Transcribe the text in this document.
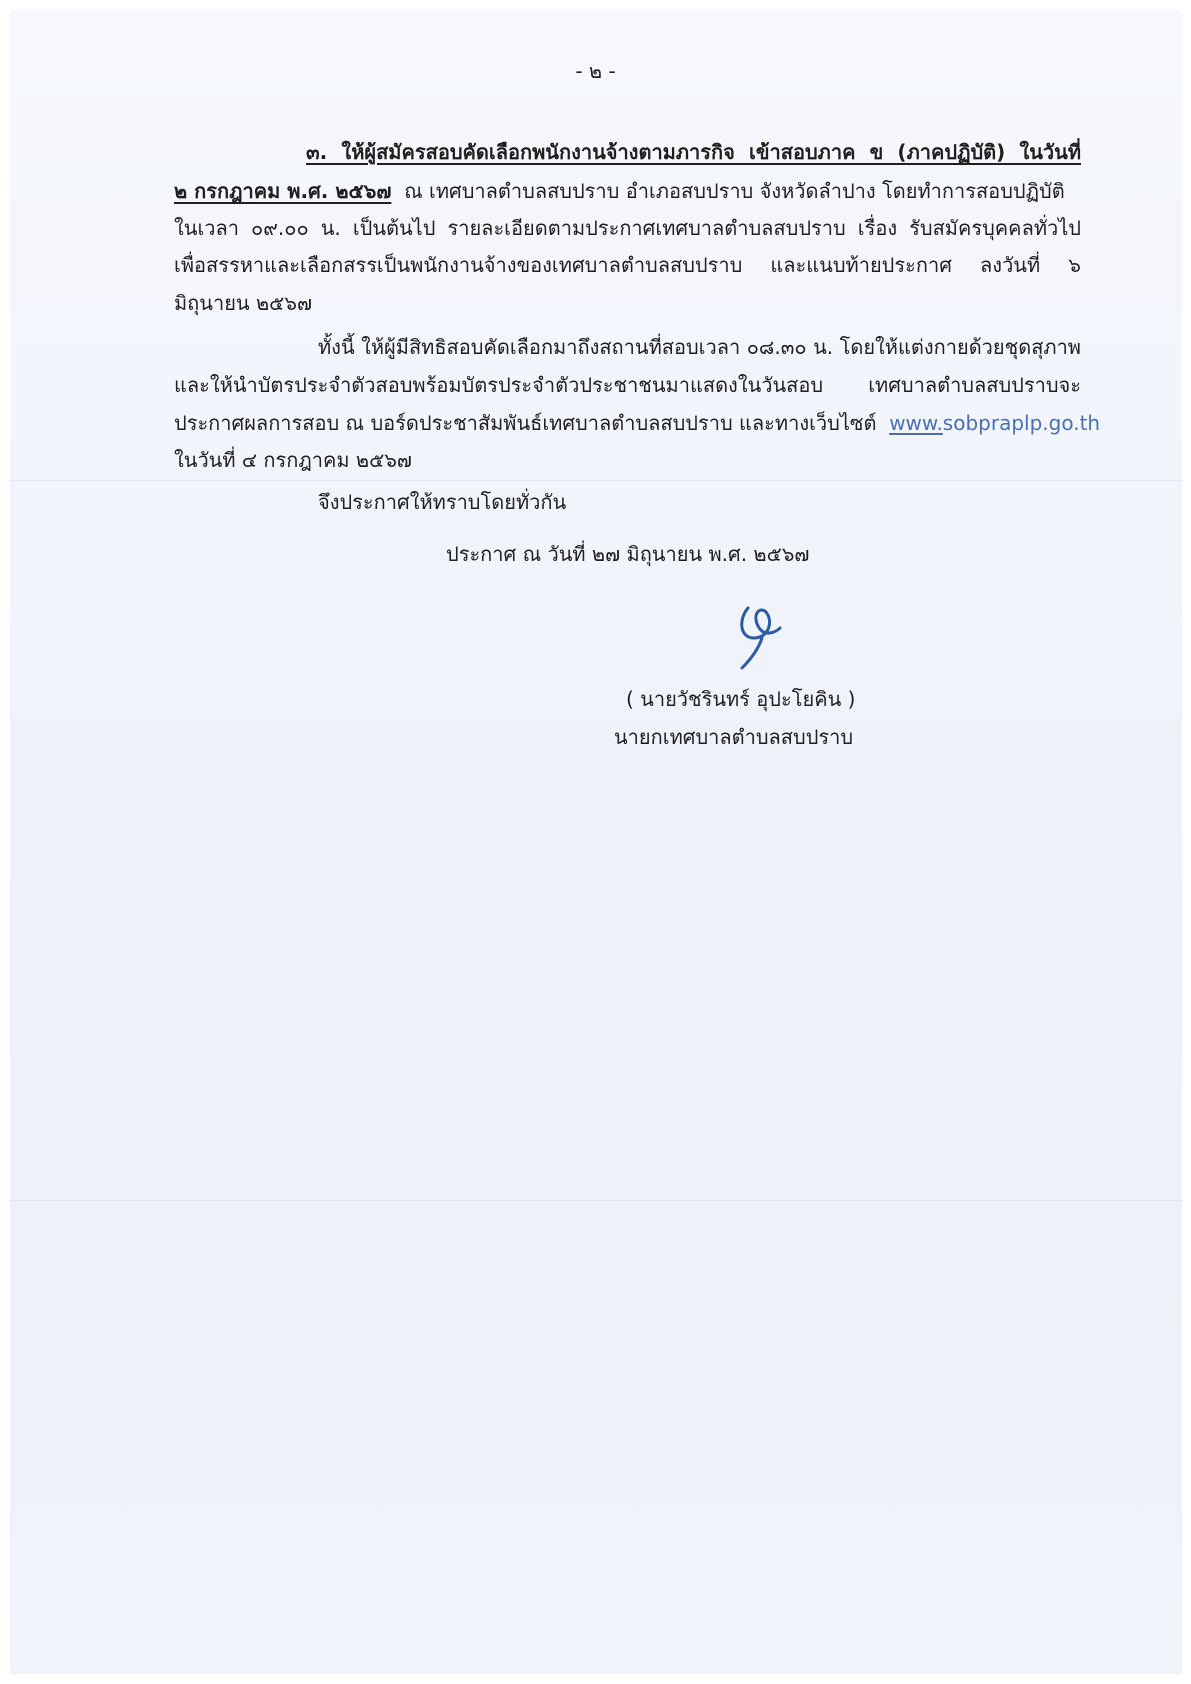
- ๒ -
๓. ให้ผู้สมัครสอบคัดเลือกพนักงานจ้างตามภารกิจ เข้าสอบภาค ข (ภาคปฏิบัติ) ในวันที่
๒ กรกฎาคม พ.ศ. ๒๕๖๗ ณ เทศบาลตำบลสบปราบ อำเภอสบปราบ จังหวัดลำปาง โดยทำการสอบปฏิบัติ
ในเวลา ๐๙.๐๐ น. เป็นต้นไป รายละเอียดตามประกาศเทศบาลตำบลสบปราบ เรื่อง รับสมัครบุคคลทั่วไป
เพื่อสรรหาและเลือกสรรเป็นพนักงานจ้างของเทศบาลตำบลสบปราบ และแนบท้ายประกาศ ลงวันที่ ๖
มิถุนายน ๒๕๖๗
ทั้งนี้ ให้ผู้มีสิทธิสอบคัดเลือกมาถึงสถานที่สอบเวลา ๐๘.๓๐ น. โดยให้แต่งกายด้วยชุดสุภาพ
และให้นำบัตรประจำตัวสอบพร้อมบัตรประจำตัวประชาชนมาแสดงในวันสอบ เทศบาลตำบลสบปราบจะ
ประกาศผลการสอบ ณ บอร์ดประชาสัมพันธ์เทศบาลตำบลสบปราบ และทางเว็บไซต์ www.sobpraplp.go.th
ในวันที่ ๔ กรกฎาคม ๒๕๖๗
จึงประกาศให้ทราบโดยทั่วกัน
ประกาศ ณ วันที่ ๒๗ มิถุนายน พ.ศ. ๒๕๖๗
( นายวัชรินทร์ อุปะโยคิน )
นายกเทศบาลตำบลสบปราบ
